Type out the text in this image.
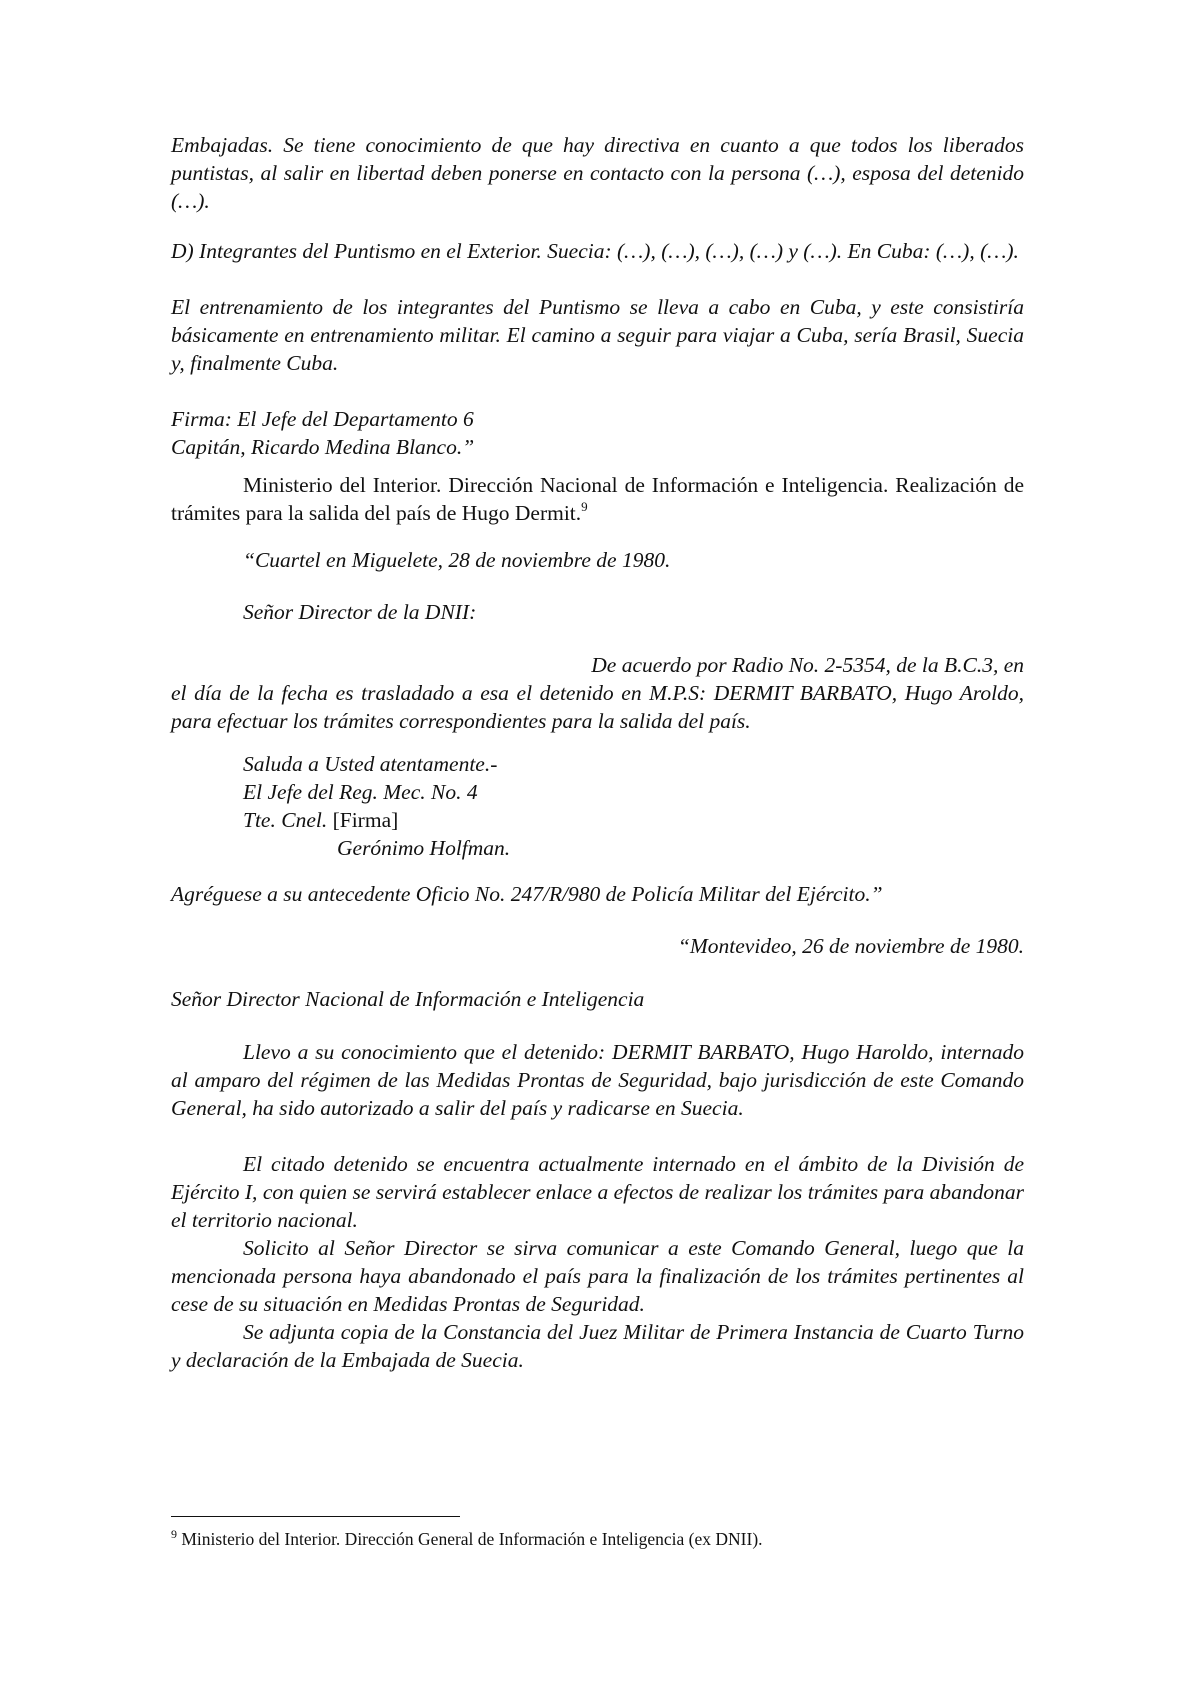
Embajadas. Se tiene conocimiento de que hay directiva en cuanto a que todos los liberados puntistas, al salir en libertad deben ponerse en contacto con la persona (…), esposa del detenido (…).

D) Integrantes del Puntismo en el Exterior. Suecia: (…), (…), (…), (…) y (…). En Cuba: (…), (…).

El entrenamiento de los integrantes del Puntismo se lleva a cabo en Cuba, y este consistiría básicamente en entrenamiento militar. El camino a seguir para viajar a Cuba, sería Brasil, Suecia y, finalmente Cuba.

Firma: El Jefe del Departamento 6
Capitán, Ricardo Medina Blanco.”

Ministerio del Interior. Dirección Nacional de Información e Inteligencia. Realización de trámites para la salida del país de Hugo Dermit.$^9$

“Cuartel en Miguelete, 28 de noviembre de 1980.

Señor Director de la DNII:

De acuerdo por Radio No. 2-5354, de la B.C.3, en

el día de la fecha es trasladado a esa el detenido en M.P.S: DERMIT BARBATO, Hugo Aroldo, para efectuar los trámites correspondientes para la salida del país.

Saluda a Usted atentamente.-
El Jefe del Reg. Mec. No. 4
Tte. Cnel. [Firma]
Gerónimo Holfman.

Agréguese a su antecedente Oficio No. 247/R/980 de Policía Militar del Ejército.”

“Montevideo, 26 de noviembre de 1980.

Señor Director Nacional de Información e Inteligencia

Llevo a su conocimiento que el detenido: DERMIT BARBATO, Hugo Haroldo, internado al amparo del régimen de las Medidas Prontas de Seguridad, bajo jurisdicción de este Comando General, ha sido autorizado a salir del país y radicarse en Suecia.

El citado detenido se encuentra actualmente internado en el ámbito de la División de Ejército I, con quien se servirá establecer enlace a efectos de realizar los trámites para abandonar el territorio nacional.

Solicito al Señor Director se sirva comunicar a este Comando General, luego que la mencionada persona haya abandonado el país para la finalización de los trámites pertinentes al cese de su situación en Medidas Prontas de Seguridad.

Se adjunta copia de la Constancia del Juez Militar de Primera Instancia de Cuarto Turno y declaración de la Embajada de Suecia.

$^9$ Ministerio del Interior. Dirección General de Información e Inteligencia (ex DNII).
